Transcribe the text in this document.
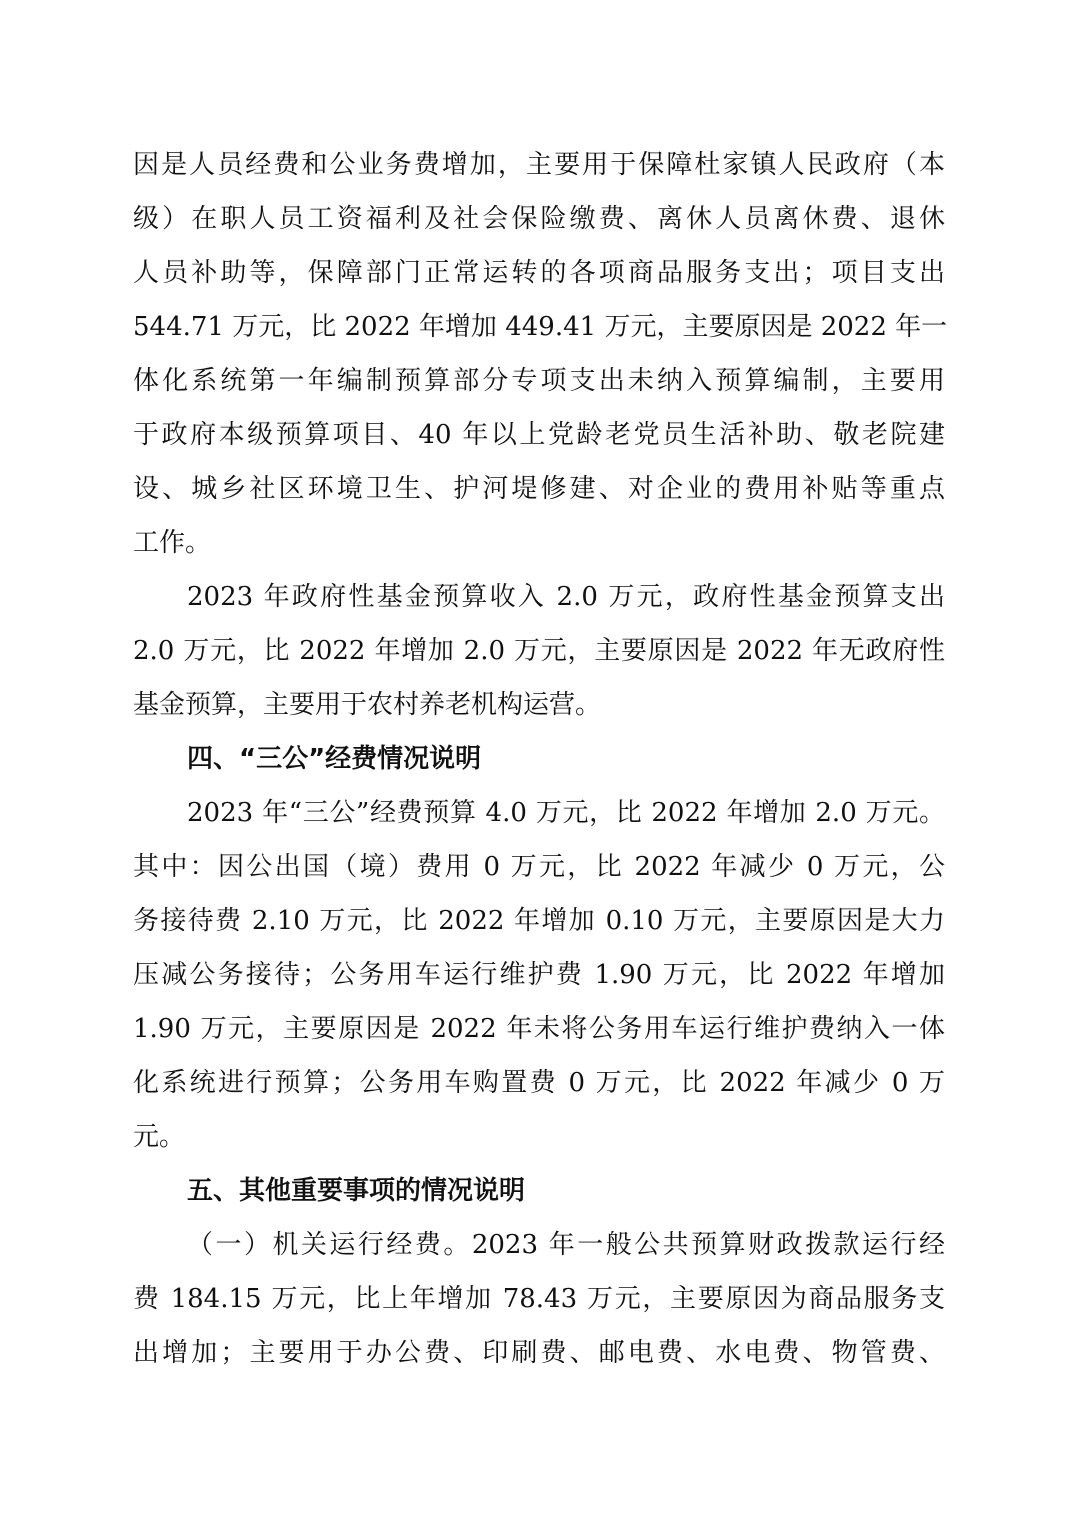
因是人员经费和公业务费增加，主要用于保障杜家镇人民政府（本
级）在职人员工资福利及社会保险缴费、离休人员离休费、退休
人员补助等，保障部门正常运转的各项商品服务支出；项目支出
544.71 万元，比 2022 年增加 449.41 万元，主要原因是 2022 年一
体化系统第一年编制预算部分专项支出未纳入预算编制，主要用
于政府本级预算项目、40 年以上党龄老党员生活补助、敬老院建
设、城乡社区环境卫生、护河堤修建、对企业的费用补贴等重点
工作。
2023 年政府性基金预算收入 2.0 万元，政府性基金预算支出
2.0 万元，比 2022 年增加 2.0 万元，主要原因是 2022 年无政府性
基金预算，主要用于农村养老机构运营。
四、“三公”经费情况说明
2023 年“三公”经费预算 4.0 万元，比 2022 年增加 2.0 万元。
其中：因公出国（境）费用 0 万元，比 2022 年减少 0 万元，公
务接待费 2.10 万元，比 2022 年增加 0.10 万元，主要原因是大力
压减公务接待；公务用车运行维护费 1.90 万元，比 2022 年增加
1.90 万元，主要原因是 2022 年未将公务用车运行维护费纳入一体
化系统进行预算；公务用车购置费 0 万元，比 2022 年减少 0 万
元。
五、其他重要事项的情况说明
（一）机关运行经费。2023 年一般公共预算财政拨款运行经
费 184.15 万元，比上年增加 78.43 万元，主要原因为商品服务支
出增加；主要用于办公费、印刷费、邮电费、水电费、物管费、
